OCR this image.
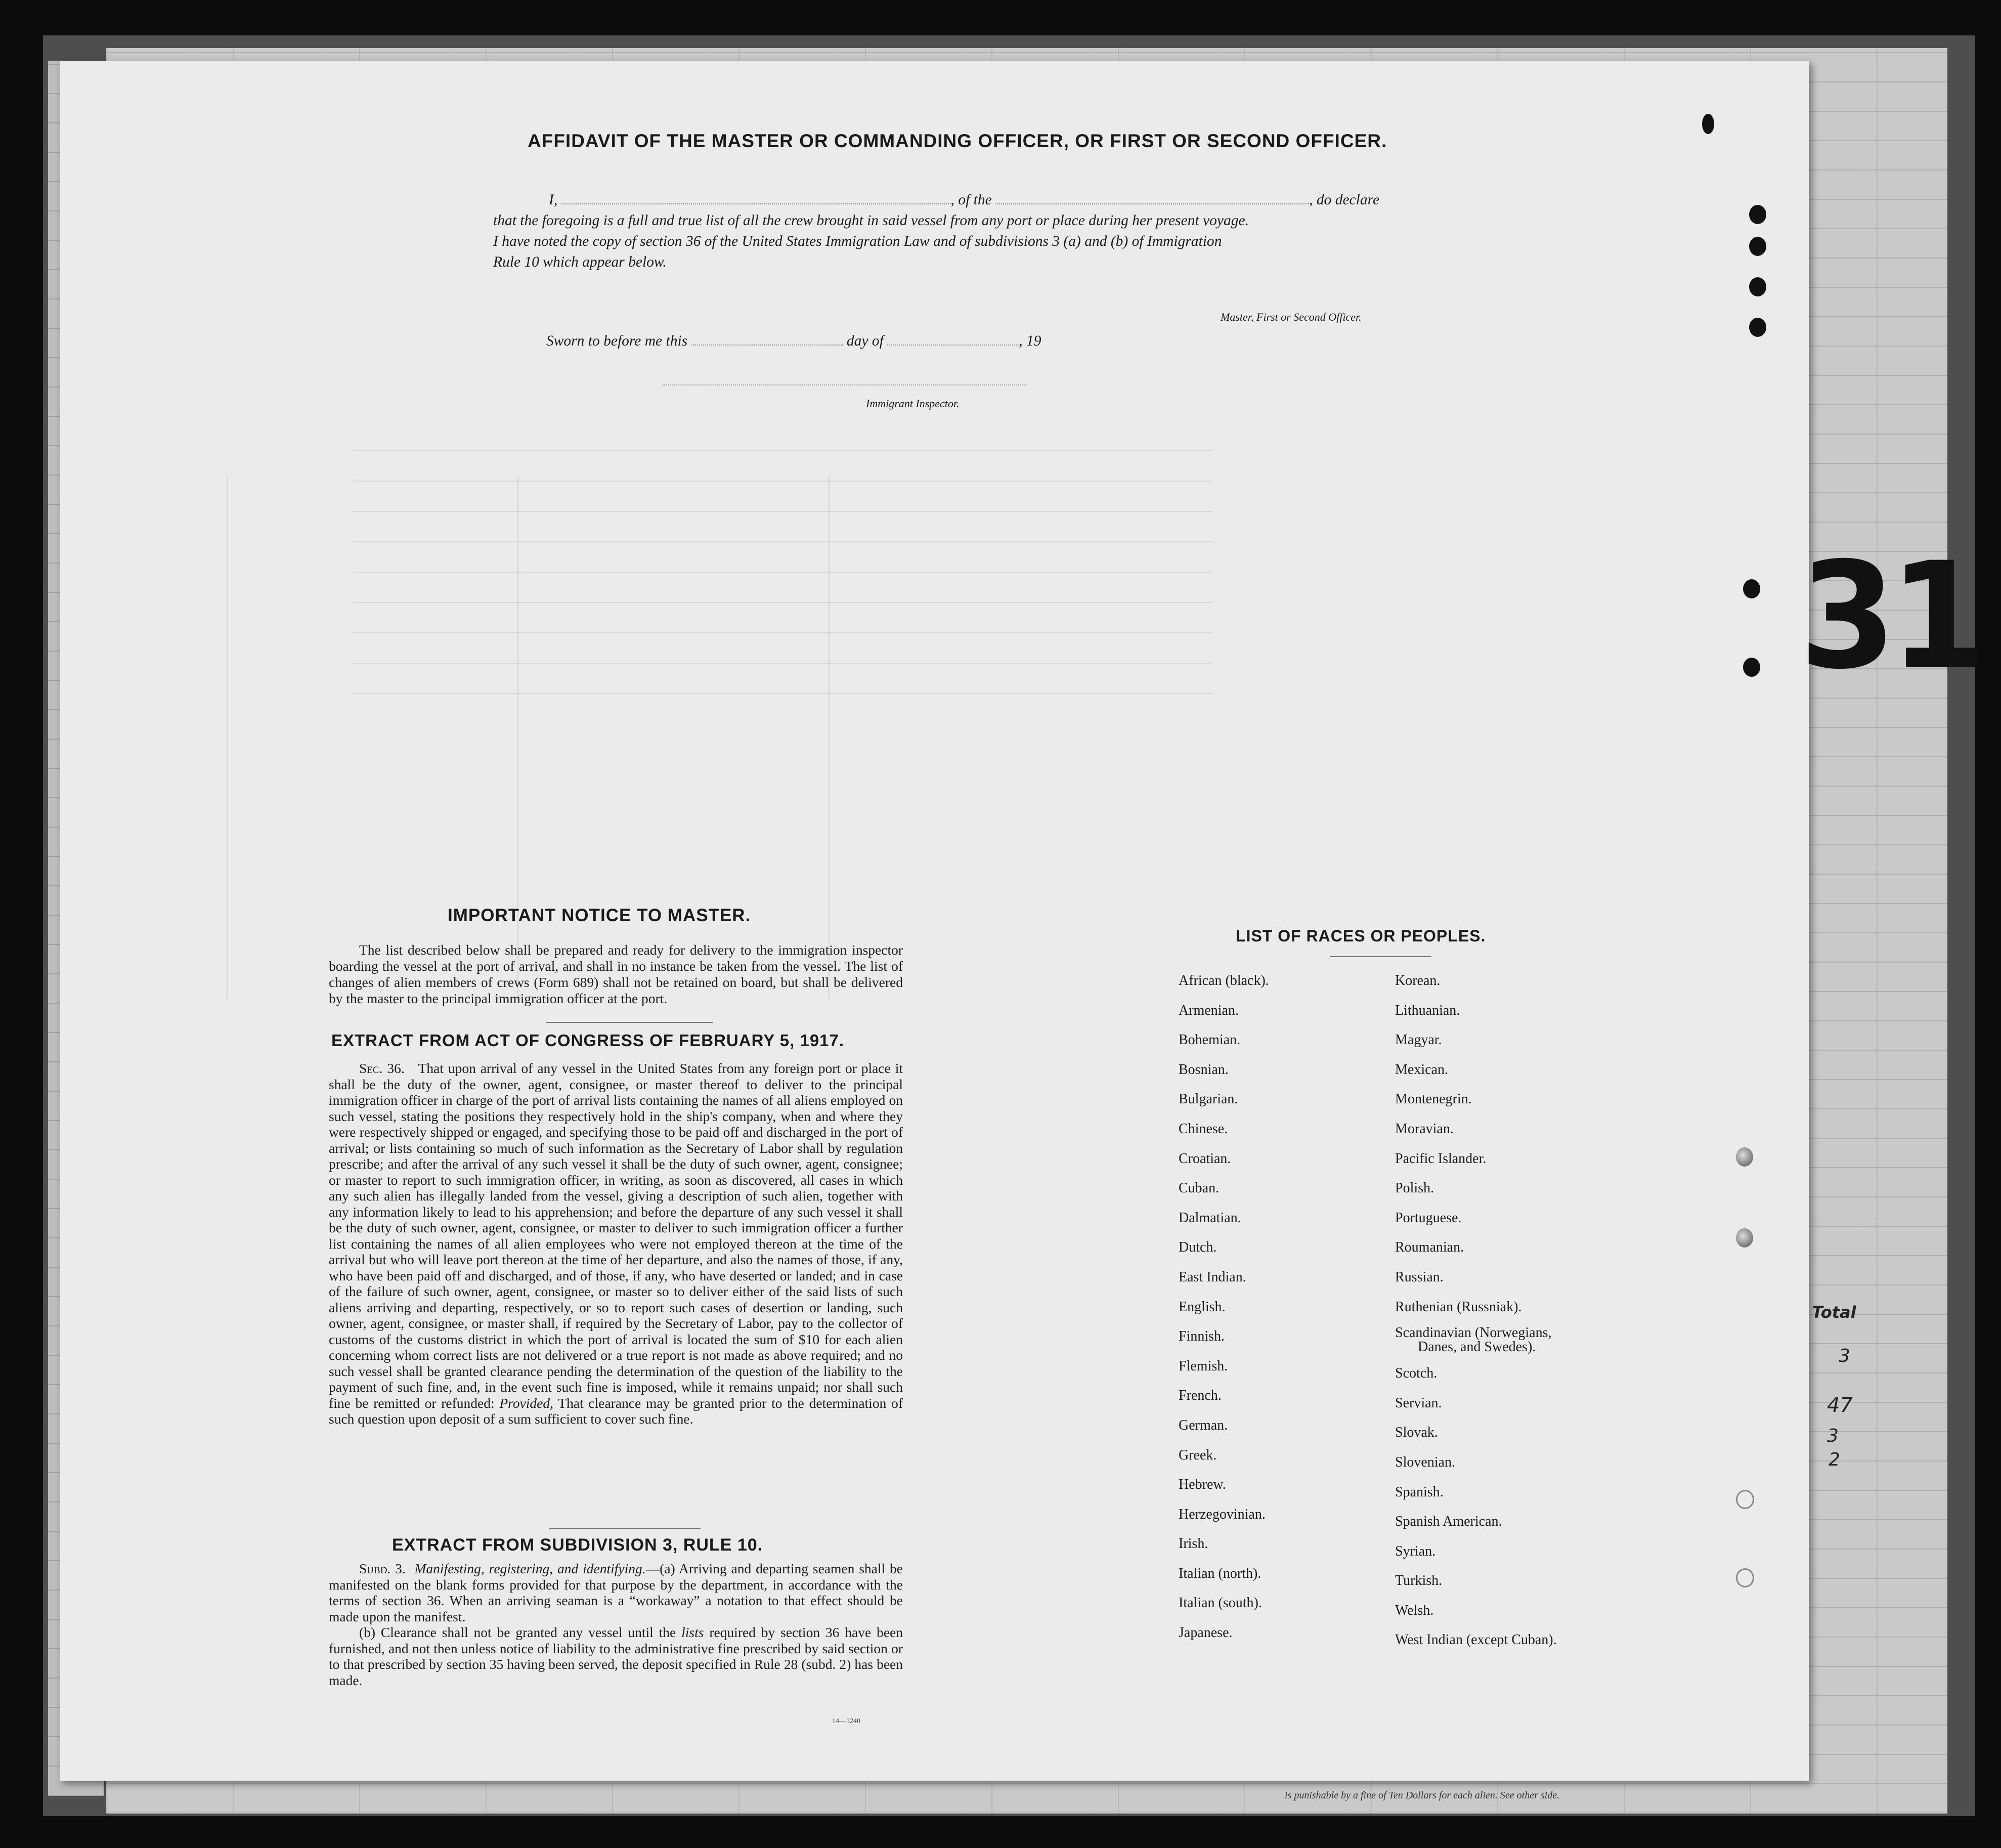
31
Total
3
47
3
2
AFFIDAVIT OF THE MASTER OR COMMANDING OFFICER, OR FIRST OR SECOND OFFICER.

I,	, of the	, do declare

that the foregoing is a full and true list of all the crew brought in said vessel from any port or place during her present voyage.

I have noted the copy of section 36 of the United States Immigration Law and of subdivisions 3 (a) and (b) of Immigration

Rule 10 which appear below.

Master, First or Second Officer.
Sworn to before me this	day of	, 19
Immigrant Inspector.
IMPORTANT NOTICE TO MASTER.

The list described below shall be prepared and ready for delivery to the immigration inspector boarding the vessel at the port of arrival, and shall in no instance be taken from the vessel. The list of changes of alien members of crews (Form 689) shall not be retained on board, but shall be delivered by the master to the principal immigration officer at the port.

EXTRACT FROM ACT OF CONGRESS OF FEBRUARY 5, 1917.

Sec. 36. That upon arrival of any vessel in the United States from any foreign port or place it shall be the duty of the owner, agent, consignee, or master thereof to deliver to the principal immigration officer in charge of the port of arrival lists containing the names of all aliens employed on such vessel, stating the positions they respectively hold in the ship's company, when and where they were respectively shipped or engaged, and specifying those to be paid off and discharged in the port of arrival; or lists containing so much of such information as the Secretary of Labor shall by regulation prescribe; and after the arrival of any such vessel it shall be the duty of such owner, agent, consignee; or master to report to such immigration officer, in writing, as soon as discovered, all cases in which any such alien has illegally landed from the vessel, giving a description of such alien, together with any information likely to lead to his apprehension; and before the departure of any such vessel it shall be the duty of such owner, agent, consignee, or master to deliver to such immigration officer a further list containing the names of all alien employees who were not employed thereon at the time of the arrival but who will leave port thereon at the time of her departure, and also the names of those, if any, who have been paid off and discharged, and of those, if any, who have deserted or landed; and in case of the failure of such owner, agent, consignee, or master so to deliver either of the said lists of such aliens arriving and departing, respectively, or so to report such cases of desertion or landing, such owner, agent, consignee, or master shall, if required by the Secretary of Labor, pay to the collector of customs of the customs district in which the port of arrival is located the sum of $10 for each alien concerning whom correct lists are not delivered or a true report is not made as above required; and no such vessel shall be granted clearance pending the determination of the question of the liability to the payment of such fine, and, in the event such fine is imposed, while it remains unpaid; nor shall such fine be remitted or refunded: Provided, That clearance may be granted prior to the determination of such question upon deposit of a sum sufficient to cover such fine.

EXTRACT FROM SUBDIVISION 3, RULE 10.

Subd. 3. Manifesting, registering, and identifying.—(a) Arriving and departing seamen shall be manifested on the blank forms provided for that purpose by the department, in accordance with the terms of section 36. When an arriving seaman is a “workaway” a notation to that effect should be made upon the manifest.

(b) Clearance shall not be granted any vessel until the lists required by section 36 have been furnished, and not then unless notice of liability to the administrative fine prescribed by said section or to that prescribed by section 35 having been served, the deposit specified in Rule 28 (subd. 2) has been made.

14—1240
LIST OF RACES OR PEOPLES.
African (black).
Armenian.
Bohemian.
Bosnian.
Bulgarian.
Chinese.
Croatian.
Cuban.
Dalmatian.
Dutch.
East Indian.
English.
Finnish.
Flemish.
French.
German.
Greek.
Hebrew.
Herzegovinian.
Irish.
Italian (north).
Italian (south).
Japanese.
Korean.
Lithuanian.
Magyar.
Mexican.
Montenegrin.
Moravian.
Pacific Islander.
Polish.
Portuguese.
Roumanian.
Russian.
Ruthenian (Russniak).
Scandinavian (Norwegians,
Danes, and Swedes).
Scotch.
Servian.
Slovak.
Slovenian.
Spanish.
Spanish American.
Syrian.
Turkish.
Welsh.
West Indian (except Cuban).
is punishable by a fine of Ten Dollars for each alien. See other side.
